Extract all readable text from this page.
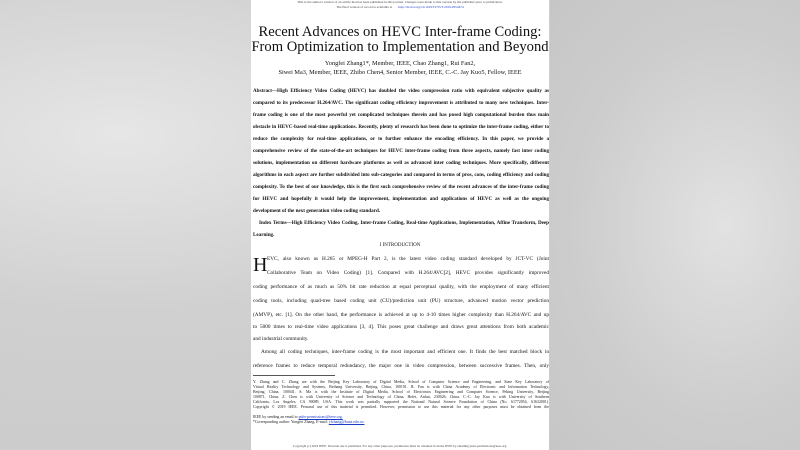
This is the author's version of an article that has been published in this journal. Changes were made to this version by the publisher prior to publication.
The final version of record is available at http://dx.doi.org/10.1109/TCSVT.2019.2954474
Recent Advances on HEVC Inter-frame Coding:
From Optimization to Implementation and Beyond
Yongfei Zhang1*, Member, IEEE, Chao Zhang1, Rui Fan2,
Siwei Ma3, Member, IEEE, Zhibo Chen4, Senior Member, IEEE, C.-C. Jay Kuo5, Fellow, IEEE
I INTRODUCTION
H
IEEE by sending an email to pubs-permissions@ieee.org.
*Corresponding author: Yongfei Zhang, E-mail: yfzhang@buaa.edu.cn.
Copyright (c) 2019 IEEE. Personal use is permitted. For any other purposes, permission must be obtained from the IEEE by emailing pubs-permissions@ieee.org.
Abstract—High Efficiency Video Coding (HEVC) has doubled the video compression ratio with equivalent subjective quality as
compared to its predecessor H.264/AVC. The significant coding efficiency improvement is attributed to many new techniques. Inter-
frame coding is one of the most powerful yet complicated techniques therein and has posed high computational burden thus main
obstacle in HEVC-based real-time applications. Recently, plenty of research has been done to optimize the inter-frame coding, either to
reduce the complexity for real-time applications, or to further enhance the encoding efficiency. In this paper, we provide a
comprehensive review of the state-of-the-art techniques for HEVC inter-frame coding from three aspects, namely fast inter coding
solutions, implementation on different hardware platforms as well as advanced inter coding techniques. More specifically, different
algorithms in each aspect are further subdivided into sub-categories and compared in terms of pros, cons, coding efficiency and coding
complexity. To the best of our knowledge, this is the first such comprehensive review of the recent advances of the inter-frame coding
for HEVC and hopefully it would help the improvement, implementation and applications of HEVC as well as the ongoing
development of the next generation video coding standard.
Index Terms—High Efficiency Video Coding, Inter-frame Coding, Real-time Applications, Implementation, Affine Transform, Deep
Learning.
EVC, also known as H.265 or MPEG-H Part 2, is the latest video coding standard developed by JCT-VC (Joint
Collaborative Team on Video Coding) [1]. Compared with H.264/AVC[2], HEVC provides significantly improved
coding performance of as much as 50% bit rate reduction at equal perceptual quality, with the employment of many efficient
coding tools, including quad-tree based coding unit (CU)/prediction unit (PU) structure, advanced motion vector prediction
(AMVP), etc. [1]. On the other hand, the performance is achieved at up to 4-10 times higher complexity than H.264/AVC and up
to 5000 times to real-time video applications [3, 4]. This poses great challenge and draws great attentions from both academic
and industrial community.
Among all coding techniques, inter-frame coding is the most important and efficient one. It finds the best matched block in
reference frames to reduce temporal redundancy, the major one in video compression, between successive frames. Then, only
Y. Zhang and C. Zhang are with the Beijing Key Laboratory of Digital Media, School of Computer Science and Engineering, and State Key Laboratory of
Virtual Reality Technology and Systems, Beihang University, Beijing, China, 100191. R. Fan is with China Academy of Electronic and Information Technology,
Beijing, China, 100041. S. Ma is with the Institute of Digital Media, School of Electronics Engineering and Computer Science, Peking University, Beijing
100871, China. Z. Chen is with University of Science and Technology of China, Hefei, Anhui, 230026, China. C.-C. Jay Kuo is with University of Southern
California, Los Angeles, CA 90089, USA. This work was partially supported the National Natural Science Foundation of China (No. 61772054, 61632001).
Copyright © 2019 IEEE. Personal use of this material is permitted. However, permission to use this material for any other purposes must be obtained from the
